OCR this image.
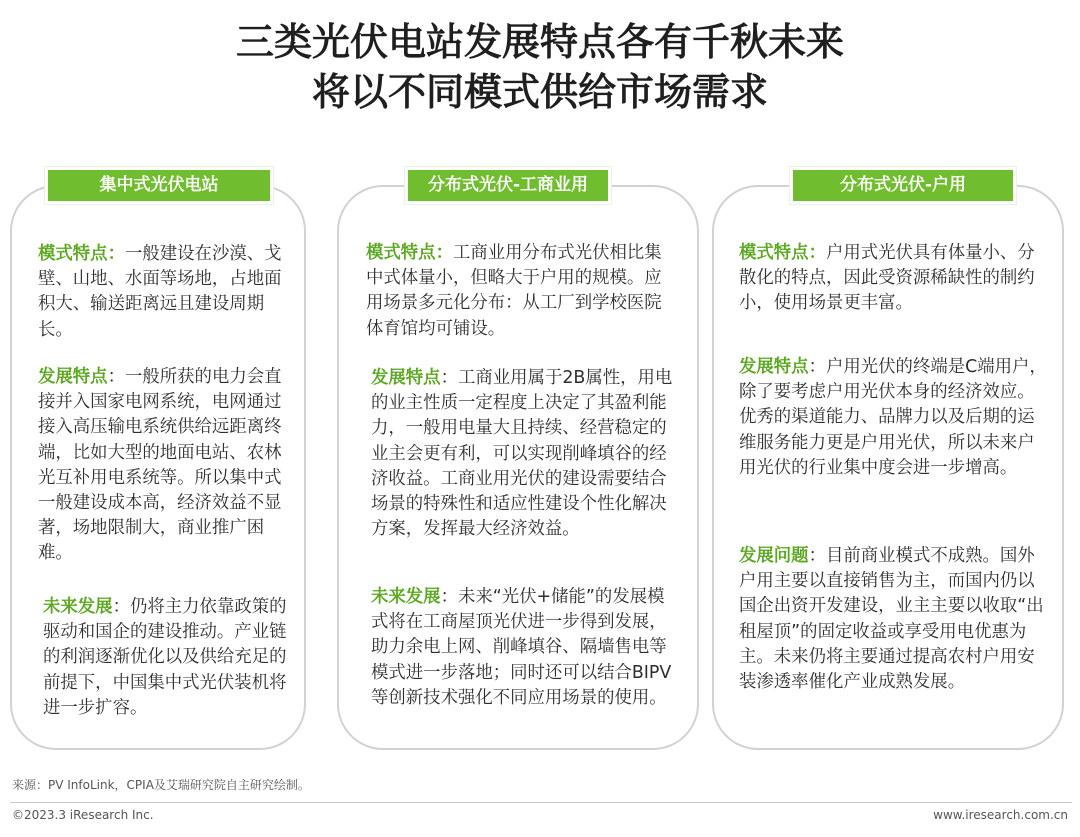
三类光伏电站发展特点各有千秋未来
将以不同模式供给市场需求
集中式光伏电站
模式特点：一般建设在沙漠、戈壁、山地、水面等场地，占地面积大、输送距离远且建设周期长。
发展特点：一般所获的电力会直接并入国家电网系统，电网通过接入高压输电系统供给远距离终端，比如大型的地面电站、农林光互补用电系统等。所以集中式一般建设成本高，经济效益不显著，场地限制大，商业推广困难。
未来发展：仍将主力依靠政策的驱动和国企的建设推动。产业链的利润逐渐优化以及供给充足的前提下，中国集中式光伏装机将进一步扩容。
分布式光伏-工商业用
模式特点：工商业用分布式光伏相比集中式体量小，但略大于户用的规模。应用场景多元化分布：从工厂到学校医院体育馆均可铺设。
发展特点：工商业用属于2B属性，用电的业主性质一定程度上决定了其盈利能力，一般用电量大且持续、经营稳定的业主会更有利，可以实现削峰填谷的经济收益。工商业用光伏的建设需要结合场景的特殊性和适应性建设个性化解决方案，发挥最大经济效益。
未来发展：未来“光伏+储能”的发展模式将在工商屋顶光伏进一步得到发展，助力余电上网、削峰填谷、隔墙售电等模式进一步落地；同时还可以结合BIPV等创新技术强化不同应用场景的使用。
分布式光伏-户用
模式特点：户用式光伏具有体量小、分散化的特点，因此受资源稀缺性的制约小，使用场景更丰富。
发展特点：户用光伏的终端是C端用户，除了要考虑户用光伏本身的经济效应。优秀的渠道能力、品牌力以及后期的运维服务能力更是户用光伏，所以未来户用光伏的行业集中度会进一步增高。
发展问题：目前商业模式不成熟。国外户用主要以直接销售为主，而国内仍以国企出资开发建设，业主主要以收取“出租屋顶”的固定收益或享受用电优惠为主。未来仍将主要通过提高农村户用安装渗透率催化产业成熟发展。
来源：PV InfoLink，CPIA及艾瑞研究院自主研究绘制。
©2023.3 iResearch Inc.	www.iresearch.com.cn
